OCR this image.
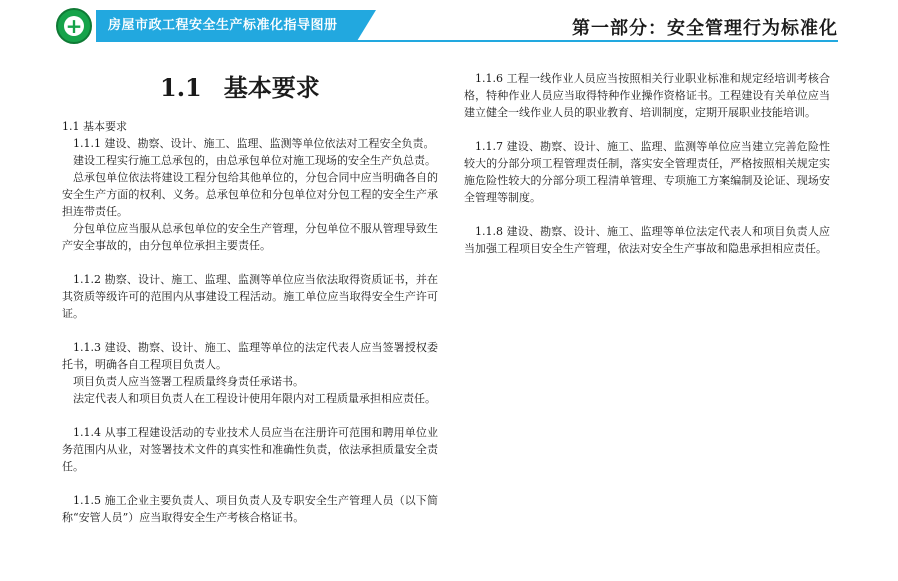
+
房屋市政工程安全生产标准化指导图册	第一部分：安全管理行为标准化
1.1 基本要求

1.1 基本要求

1.1.1 建设、勘察、设计、施工、监理、监测等单位依法对工程安全负责。

建设工程实行施工总承包的，由总承包单位对施工现场的安全生产负总责。

总承包单位依法将建设工程分包给其他单位的，分包合同中应当明确各自的安全生产方面的权利、义务。总承包单位和分包单位对分包工程的安全生产承担连带责任。

分包单位应当服从总承包单位的安全生产管理，分包单位不服从管理导致生产安全事故的，由分包单位承担主要责任。

1.1.2 勘察、设计、施工、监理、监测等单位应当依法取得资质证书，并在其资质等级许可的范围内从事建设工程活动。施工单位应当取得安全生产许可证。

1.1.3 建设、勘察、设计、施工、监理等单位的法定代表人应当签署授权委托书，明确各自工程项目负责人。

项目负责人应当签署工程质量终身责任承诺书。

法定代表人和项目负责人在工程设计使用年限内对工程质量承担相应责任。

1.1.4 从事工程建设活动的专业技术人员应当在注册许可范围和聘用单位业务范围内从业，对签署技术文件的真实性和准确性负责，依法承担质量安全责任。

1.1.5 施工企业主要负责人、项目负责人及专职安全生产管理人员（以下简称“安管人员”）应当取得安全生产考核合格证书。

1.1.6 工程一线作业人员应当按照相关行业职业标准和规定经培训考核合格，特种作业人员应当取得特种作业操作资格证书。工程建设有关单位应当建立健全一线作业人员的职业教育、培训制度，定期开展职业技能培训。

1.1.7 建设、勘察、设计、施工、监理、监测等单位应当建立完善危险性较大的分部分项工程管理责任制，落实安全管理责任，严格按照相关规定实施危险性较大的分部分项工程清单管理、专项施工方案编制及论证、现场安全管理等制度。

1.1.8 建设、勘察、设计、施工、监理等单位法定代表人和项目负责人应当加强工程项目安全生产管理，依法对安全生产事故和隐患承担相应责任。
